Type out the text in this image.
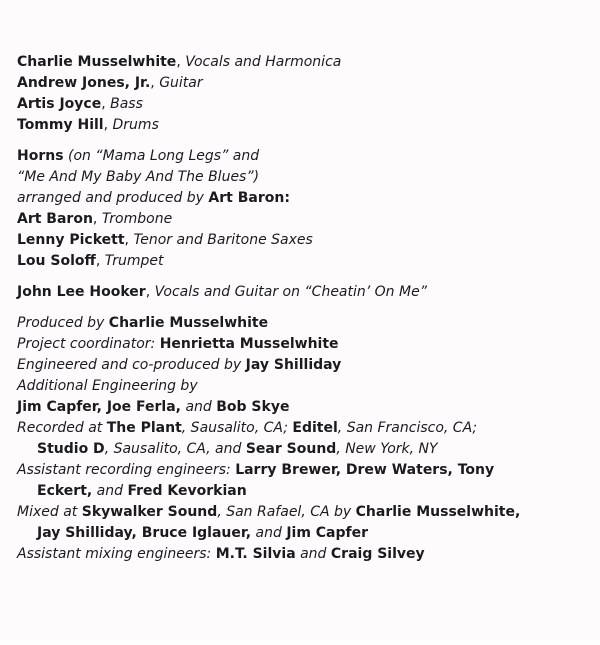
Charlie Musselwhite, Vocals and Harmonica

Andrew Jones, Jr., Guitar

Artis Joyce, Bass

Tommy Hill, Drums

Horns (on “Mama Long Legs” and

“Me And My Baby And The Blues”)

arranged and produced by Art Baron:

Art Baron, Trombone

Lenny Pickett, Tenor and Baritone Saxes

Lou Soloff, Trumpet

John Lee Hooker, Vocals and Guitar on “Cheatin’ On Me”

Produced by Charlie Musselwhite

Project coordinator: Henrietta Musselwhite

Engineered and co-produced by Jay Shilliday

Additional Engineering by

Jim Capfer, Joe Ferla, and Bob Skye

Recorded at The Plant, Sausalito, CA; Editel, San Francisco, CA;

Studio D, Sausalito, CA, and Sear Sound, New York, NY

Assistant recording engineers: Larry Brewer, Drew Waters, Tony

Eckert, and Fred Kevorkian

Mixed at Skywalker Sound, San Rafael, CA by Charlie Musselwhite,

Jay Shilliday, Bruce Iglauer, and Jim Capfer

Assistant mixing engineers: M.T. Silvia and Craig Silvey
